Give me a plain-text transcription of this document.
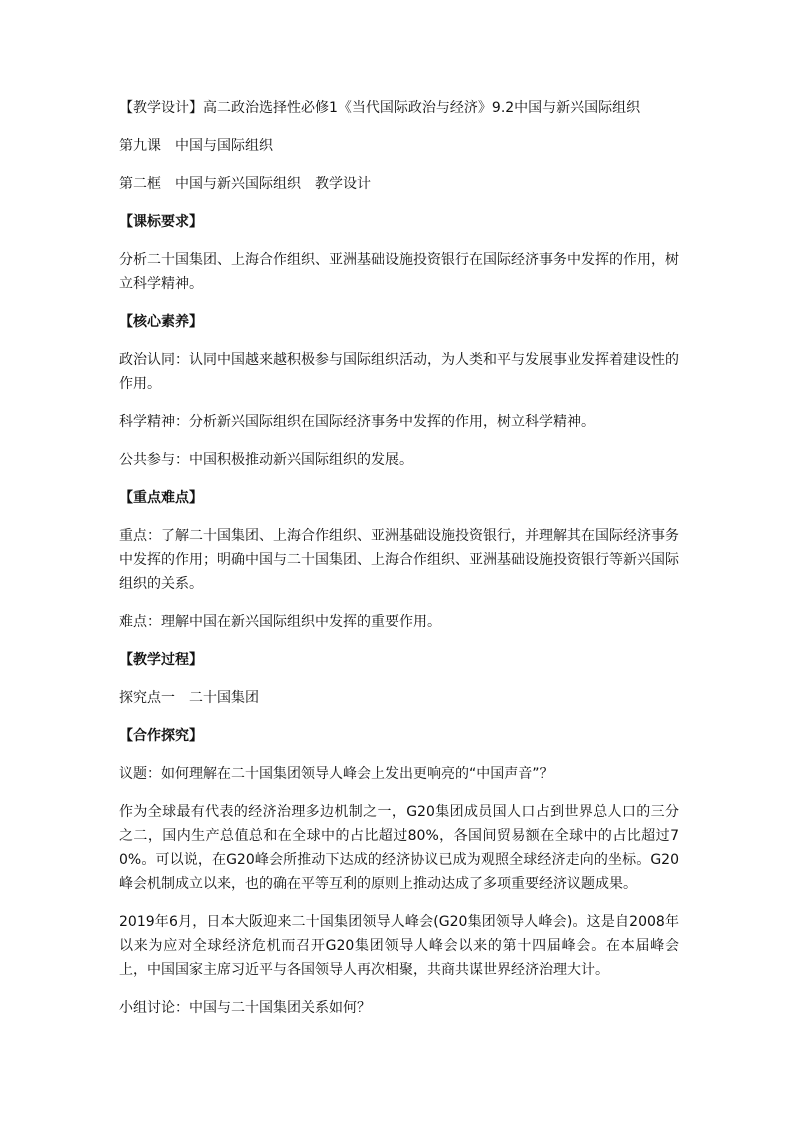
【教学设计】高二政治选择性必修1《当代国际政治与经济》9.2中国与新兴国际组织

第九课　中国与国际组织

第二框　中国与新兴国际组织　教学设计

【课标要求】

分析二十国集团、上海合作组织、亚洲基础设施投资银行在国际经济事务中发挥的作用，树立科学精神。

【核心素养】

政治认同：认同中国越来越积极参与国际组织活动，为人类和平与发展事业发挥着建设性的作用。

科学精神：分析新兴国际组织在国际经济事务中发挥的作用，树立科学精神。

公共参与：中国积极推动新兴国际组织的发展。

【重点难点】

重点：了解二十国集团、上海合作组织、亚洲基础设施投资银行，并理解其在国际经济事务中发挥的作用；明确中国与二十国集团、上海合作组织、亚洲基础设施投资银行等新兴国际组织的关系。

难点：理解中国在新兴国际组织中发挥的重要作用。

【教学过程】

探究点一　二十国集团

【合作探究】

议题：如何理解在二十国集团领导人峰会上发出更响亮的“中国声音”？

作为全球最有代表的经济治理多边机制之一，G20集团成员国人口占到世界总人口的三分之二，国内生产总值总和在全球中的占比超过80%，各国间贸易额在全球中的占比超过70%。可以说，在G20峰会所推动下达成的经济协议已成为观照全球经济走向的坐标。G20峰会机制成立以来，也的确在平等互利的原则上推动达成了多项重要经济议题成果。

2019年6月，日本大阪迎来二十国集团领导人峰会(G20集团领导人峰会)。这是自2008年以来为应对全球经济危机而召开G20集团领导人峰会以来的第十四届峰会。在本届峰会上，中国国家主席习近平与各国领导人再次相聚，共商共谋世界经济治理大计。

小组讨论：中国与二十国集团关系如何？
